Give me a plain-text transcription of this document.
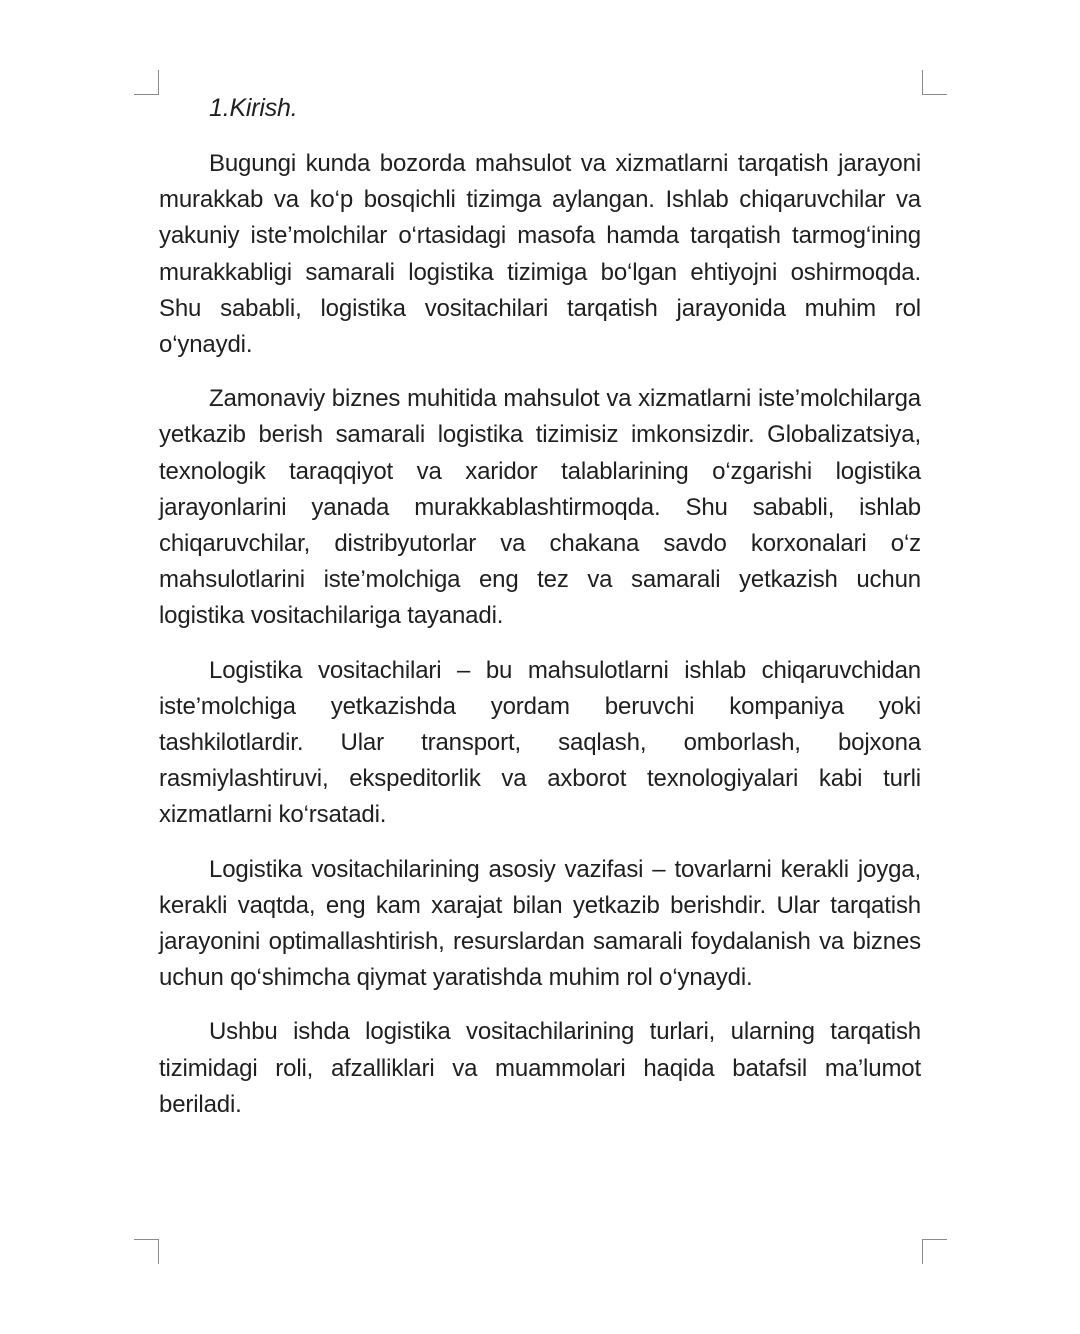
1.Kirish.

Bugungi kunda bozorda mahsulot va xizmatlarni tarqatish jarayoni murakkab va ko‘p bosqichli tizimga aylangan. Ishlab chiqaruvchilar va yakuniy iste’molchilar o‘rtasidagi masofa hamda tarqatish tarmog‘ining murakkabligi samarali logistika tizimiga bo‘lgan ehtiyojni oshirmoqda. Shu sababli, logistika vositachilari tarqatish jarayonida muhim rol o‘ynaydi.

Zamonaviy biznes muhitida mahsulot va xizmatlarni iste’molchilarga yetkazib berish samarali logistika tizimisiz imkonsizdir. Globalizatsiya, texnologik taraqqiyot va xaridor talablarining o‘zgarishi logistika jarayonlarini yanada murakkablashtirmoqda. Shu sababli, ishlab chiqaruvchilar, distribyutorlar va chakana savdo korxonalari o‘z mahsulotlarini iste’molchiga eng tez va samarali yetkazish uchun logistika vositachilariga tayanadi.

Logistika vositachilari – bu mahsulotlarni ishlab chiqaruvchidan iste’molchiga yetkazishda yordam beruvchi kompaniya yoki tashkilotlardir. Ular transport, saqlash, omborlash, bojxona rasmiylashtiruvi, ekspeditorlik va axborot texnologiyalari kabi turli xizmatlarni ko‘rsatadi.

Logistika vositachilarining asosiy vazifasi – tovarlarni kerakli joyga, kerakli vaqtda, eng kam xarajat bilan yetkazib berishdir. Ular tarqatish jarayonini optimallashtirish, resurslardan samarali foydalanish va biznes uchun qo‘shimcha qiymat yaratishda muhim rol o‘ynaydi.

Ushbu ishda logistika vositachilarining turlari, ularning tarqatish tizimidagi roli, afzalliklari va muammolari haqida batafsil ma’lumot beriladi.
